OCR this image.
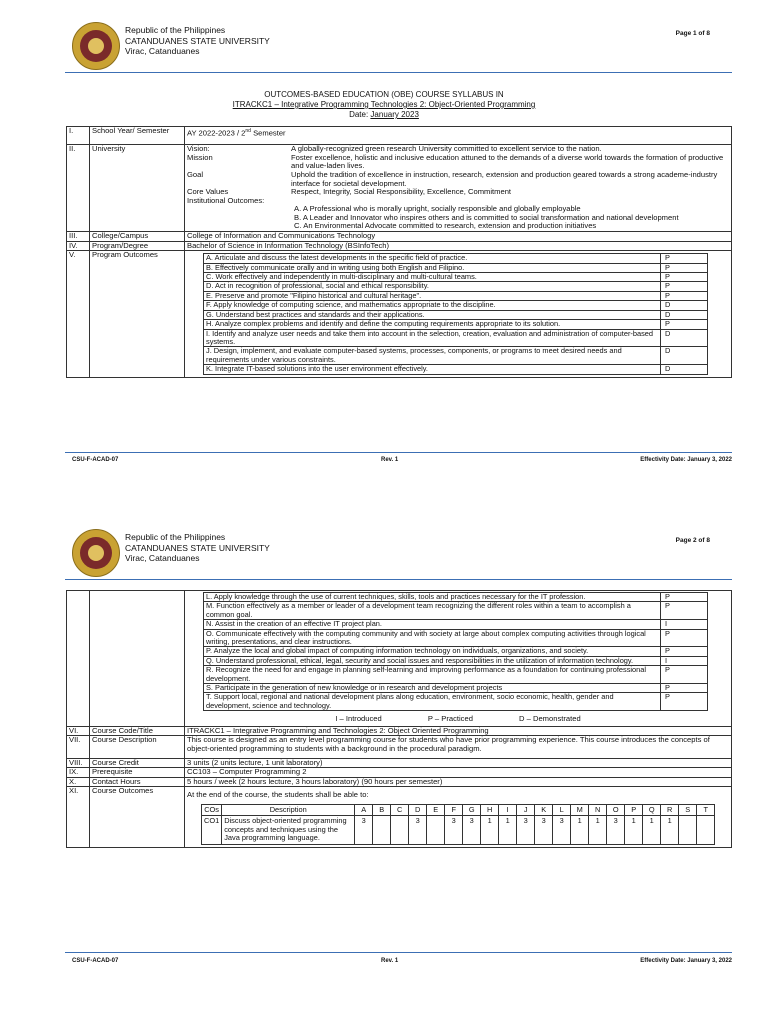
Republic of the Philippines
CATANDUANES STATE UNIVERSITY
Virac, Catanduanes
Page 1 of 8
OUTCOMES-BASED EDUCATION (OBE) COURSE SYLLABUS IN
ITRACKC1 – Integrative Programming Technologies 2: Object-Oriented Programming
Date: January 2023
I.	School Year/ Semester	AY 2022-2023 / 2nd Semester
II.	University		Vision:	A globally-recognized green research University committed to excellent service to the nation.
Mission	Foster excellence, holistic and inclusive education attuned to the demands of a diverse world towards the formation of productive and value-laden lives.
Goal	Uphold the tradition of excellence in instruction, research, extension and production geared towards a strong academe-industry interface for societal development.
Core Values	Respect, Integrity, Social Responsibility, Excellence, Commitment
Institutional Outcomes:
A. A Professional who is morally upright, socially responsible and globally employable
B. A Leader and Innovator who inspires others and is committed to social transformation and national development
C. An Environmental Advocate committed to research, extension and production initiatives

III.	College/Campus	College of Information and Communications Technology
IV.	Program/Degree	Bachelor of Science in Information Technology (BSInfoTech)
V.	Program Outcomes		A. Articulate and discuss the latest developments in the specific field of practice.	P
B. Effectively communicate orally and in writing using both English and Filipino.	P
C. Work effectively and independently in multi-disciplinary and multi-cultural teams.	P
D. Act in recognition of professional, social and ethical responsibility.	P
E. Preserve and promote "Filipino historical and cultural heritage".	P
F. Apply knowledge of computing science, and mathematics appropriate to the discipline.	D
G. Understand best practices and standards and their applications.	D
H. Analyze complex problems and identify and define the computing requirements appropriate to its solution.	P
I. Identify and analyze user needs and take them into account in the selection, creation, evaluation and administration of computer-based systems.	D
J. Design, implement, and evaluate computer-based systems, processes, components, or programs to meet desired needs and requirements under various constraints.	D
K. Integrate IT-based solutions into the user environment effectively.	D
CSU-F-ACAD-07	Rev. 1	Effectivity Date: January 3, 2022
Republic of the Philippines
CATANDUANES STATE UNIVERSITY
Virac, Catanduanes
Page 2 of 8

L. Apply knowledge through the use of current techniques, skills, tools and practices necessary for the IT profession.	P
M. Function effectively as a member or leader of a development team recognizing the different roles within a team to accomplish a common goal.	P
N. Assist in the creation of an effective IT project plan.	I
O. Communicate effectively with the computing community and with society at large about complex computing activities through logical writing, presentations, and clear instructions.	P
P. Analyze the local and global impact of computing information technology on individuals, organizations, and society.	P
Q. Understand professional, ethical, legal, security and social issues and responsibilities in the utilization of information technology.	I
R. Recognize the need for and engage in planning self-learning and improving performance as a foundation for continuing professional development.	P
S. Participate in the generation of new knowledge or in research and development projects	P
T. Support local, regional and national development plans along education, environment, socio economic, health, gender and development, science and technology.	P
I – Introduced	P – Practiced	D – Demonstrated

VI.	Course Code/Title	ITRACKC1 – Integrative Programming and Technologies 2: Object Oriented Programming
VII.	Course Description	This course is designed as an entry level programming course for students who have prior programming experience. This course introduces the concepts of object-oriented programming to students with a background in the procedural paradigm.
VIII.	Course Credit	3 units (2 units lecture, 1 unit laboratory)
IX.	Prerequisite	CC103 – Computer Programming 2
X.	Contact Hours	5 hours / week (2 hours lecture, 3 hours laboratory) (90 hours per semester)
XI.	Course Outcomes	At the end of the course, the students shall be able to:
COs	Description	A	B	C	D	E	F	G	H	I	J	K	L	M	N	O	P	Q	R	S	T
CO1	Discuss object-oriented programming concepts and techniques using the Java programming language.	3			3		3	3	1	1	3	3	3	1	1	3	1	1	1		
CSU-F-ACAD-07	Rev. 1	Effectivity Date: January 3, 2022
